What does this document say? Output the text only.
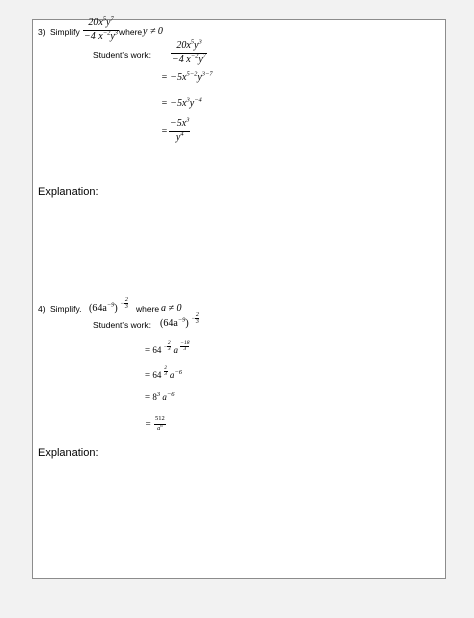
3) Simplify
$20x^5y^7$
−4 $x^{-2}y^3$ where y ≠ 0
Student’s work:
$20x^5y^3$
−4 $x^{-2}y^7$
= $-5x^{5-2}y^{3-7}$
= $-5x^3y^{-4}$
=
$-5x^3$
$y^4$
Explanation:
4) Simplify. $(64a^{-9})$ $^{- \frac{2}{3}}$ where a ≠ 0
Student’s work: $(64a^{-9})$ $^{- \frac{2}{3}}$
= 64 $^{- \frac{2}{3}}$ a $^{\frac{-18}{3}}$
= 64 $^{\frac{2}{3}}$ $a^{-6}$
= $8^3$ $a^{-6}$
=
512
$a^6$
Explanation:
